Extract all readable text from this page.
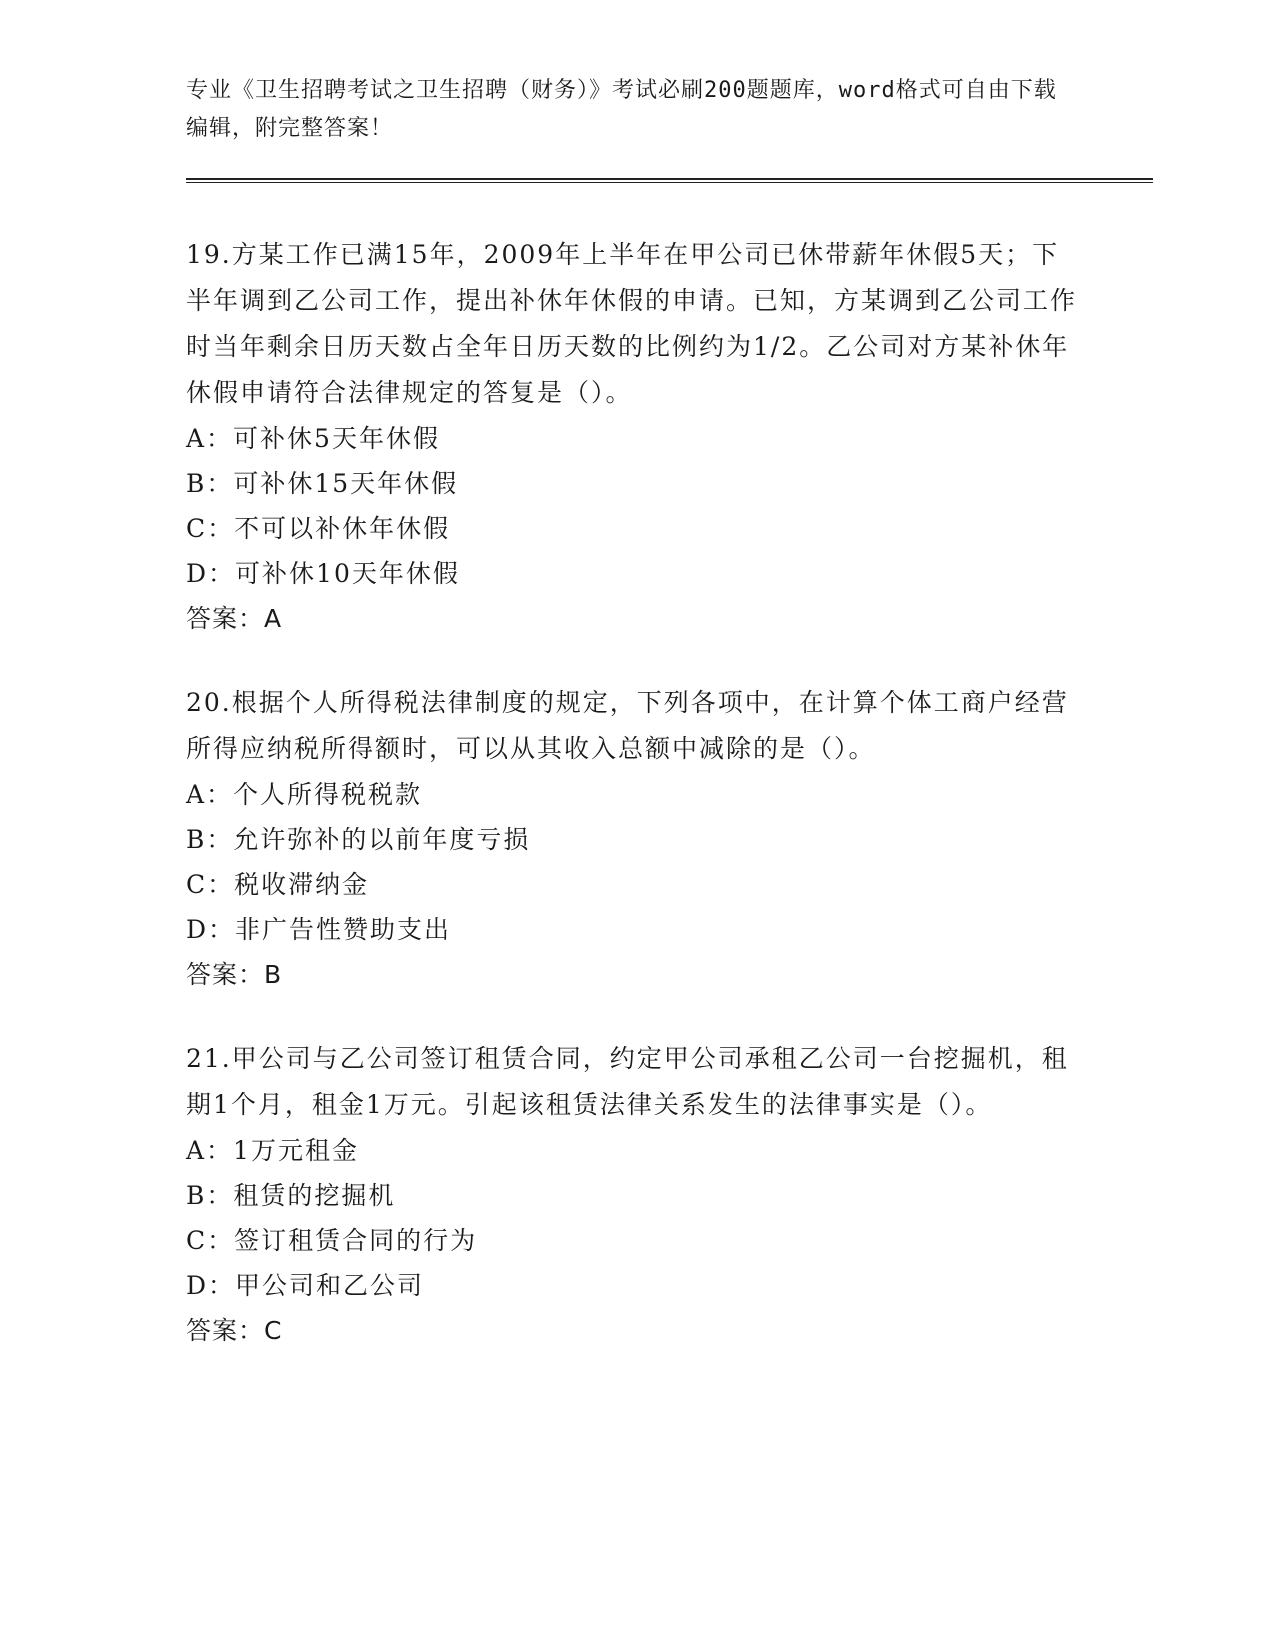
专业《卫生招聘考试之卫生招聘（财务）》考试必刷200题题库，word格式可自由下载编辑，附完整答案！

19.方某工作已满15年，2009年上半年在甲公司已休带薪年休假5天；下半年调到乙公司工作，提出补休年休假的申请。已知，方某调到乙公司工作时当年剩余日历天数占全年日历天数的比例约为1/2。乙公司对方某补休年休假申请符合法律规定的答复是（）。

A：可补休5天年休假
B：可补休15天年休假
C：不可以补休年休假
D：可补休10天年休假

答案：A

20.根据个人所得税法律制度的规定，下列各项中，在计算个体工商户经营所得应纳税所得额时，可以从其收入总额中减除的是（）。

A：个人所得税税款
B：允许弥补的以前年度亏损
C：税收滞纳金
D：非广告性赞助支出

答案：B

21.甲公司与乙公司签订租赁合同，约定甲公司承租乙公司一台挖掘机，租期1个月，租金1万元。引起该租赁法律关系发生的法律事实是（）。

A：1万元租金
B：租赁的挖掘机
C：签订租赁合同的行为
D：甲公司和乙公司

答案：C
